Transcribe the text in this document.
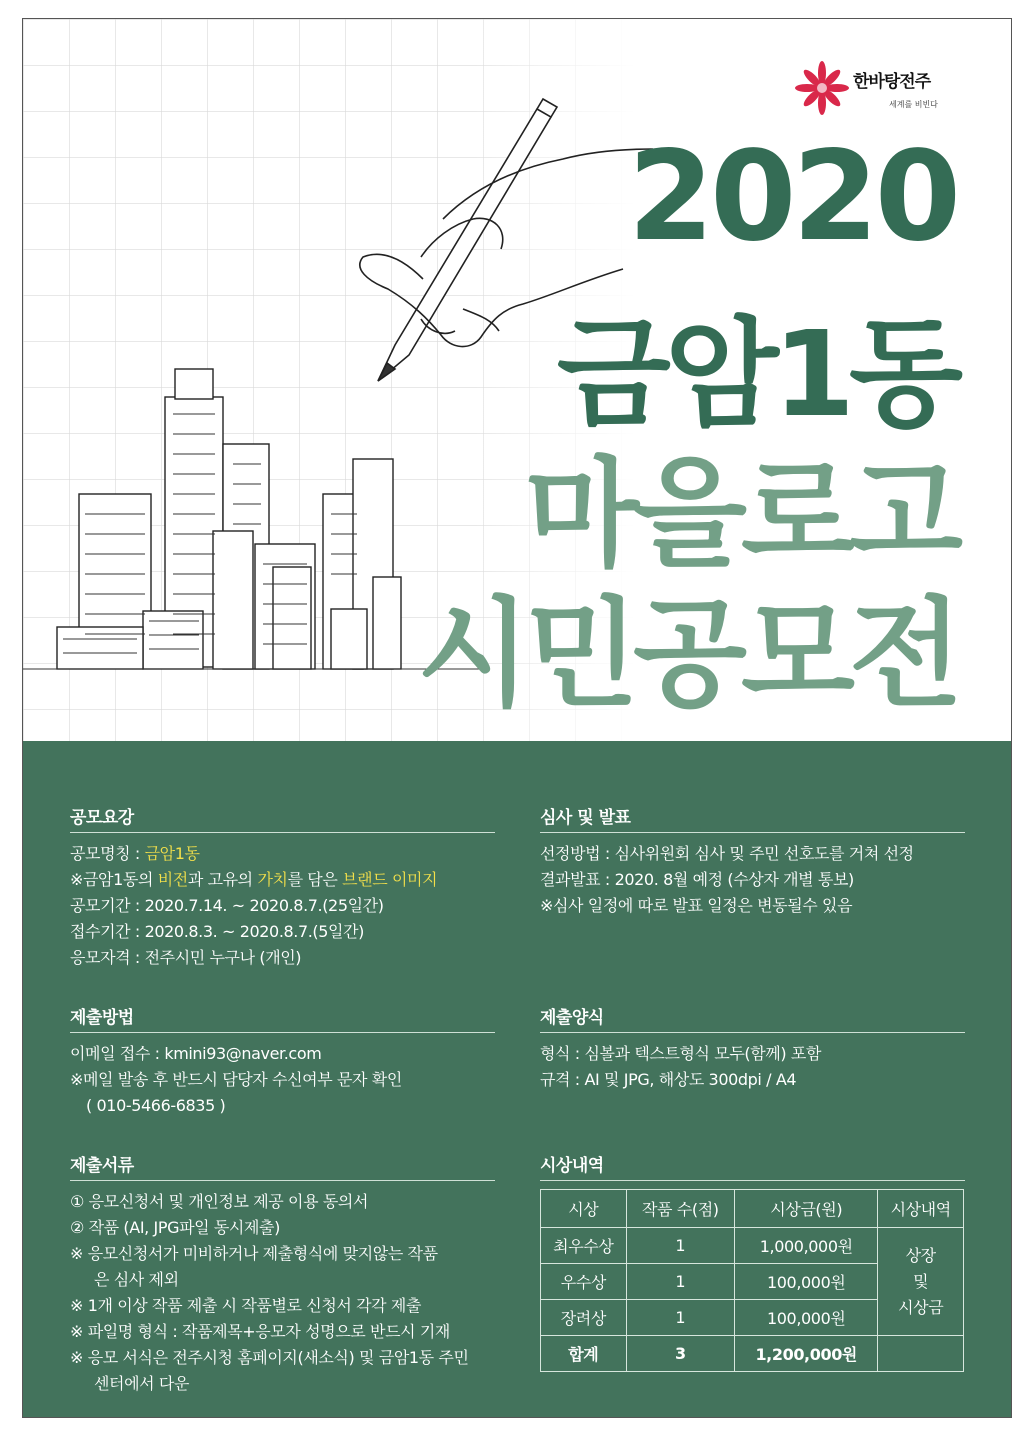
한바탕전주
세계를 비빈다
2020
금암1동
마을로고
시민공모전
공모요강
공모명칭 : 금암1동
※금암1동의 비전과 고유의 가치를 담은 브랜드 이미지
공모기간 : 2020.7.14. ~ 2020.8.7.(25일간)
접수기간 : 2020.8.3. ~ 2020.8.7.(5일간)
응모자격 : 전주시민 누구나 (개인)
심사 및 발표
선정방법 : 심사위원회 심사 및 주민 선호도를 거쳐 선정
결과발표 : 2020. 8월 예정 (수상자 개별 통보)
※심사 일정에 따로 발표 일정은 변동될수 있음
제출방법
이메일 접수 : kmini93@naver.com
※메일 발송 후 반드시 담당자 수신여부 문자 확인
( 010-5466-6835 )
제출양식
형식 : 심볼과 텍스트형식 모두(함께) 포함
규격 : AI 및 JPG, 해상도 300dpi / A4
제출서류
① 응모신청서 및 개인정보 제공 이용 동의서
② 작품 (AI, JPG파일 동시제출)
※ 응모신청서가 미비하거나 제출형식에 맞지않는 작품
은 심사 제외
※ 1개 이상 작품 제출 시 작품별로 신청서 각각 제출
※ 파일명 형식 : 작품제목+응모자 성명으로 반드시 기재
※ 응모 서식은 전주시청 홈페이지(새소식) 및 금암1동 주민
센터에서 다운
시상내역
시상	작품 수(점)	시상금(원)	시상내역
최우수상	1	1,000,000원	상장
및
시상금

우수상	1	100,000원	
장려상	1	100,000원	
합계	3	1,200,000원	
